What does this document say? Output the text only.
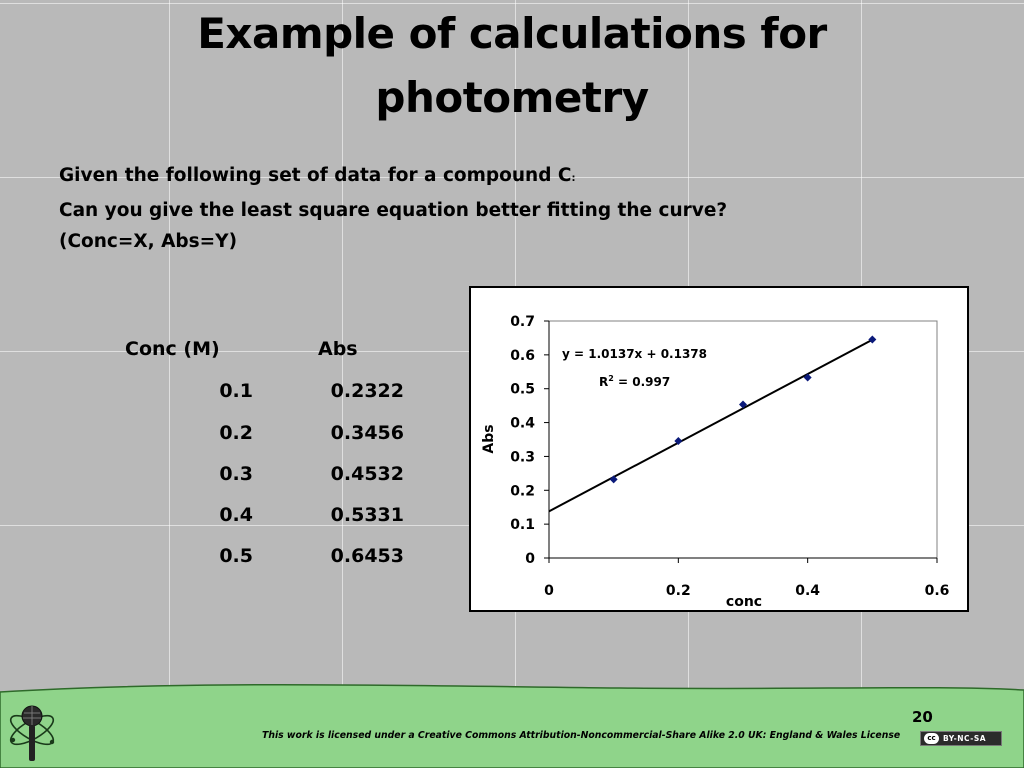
Example of calculations for
photometry
Given the following set of data for a compound C:
Can you give the least square equation better fitting the curve?
(Conc=X, Abs=Y)
Conc (M)	Abs
0.1	0.2322
0.2	0.3456
0.3	0.4532
0.4	0.5331
0.5	0.6453	0
0.1
0.2
0.3
0.4
0.5
0.6
0.7
0	0.2	0.4	0.6
conc
Abs
y = 1.0137x + 0.1378
$R^2 = 0.997$
This work is licensed under a Creative Commons Attribution-Noncommercial-Share Alike 2.0 UK: England & Wales License
20
cc BY-NC-SA
